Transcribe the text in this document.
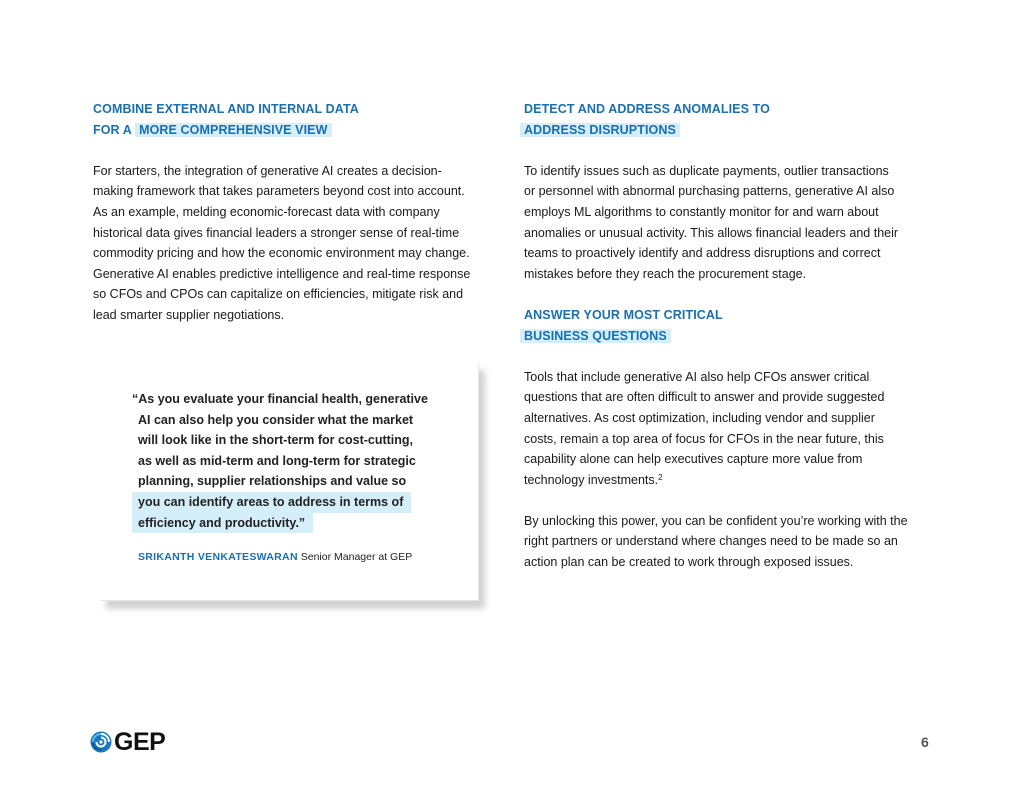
COMBINE EXTERNAL AND INTERNAL DATA
FOR A MORE COMPREHENSIVE VIEW
For starters, the integration of generative AI creates a decision-
making framework that takes parameters beyond cost into account.
As an example, melding economic-forecast data with company
historical data gives financial leaders a stronger sense of real-time
commodity pricing and how the economic environment may change.
Generative AI enables predictive intelligence and real-time response
so CFOs and CPOs can capitalize on efficiencies, mitigate risk and
lead smarter supplier negotiations.
“As you evaluate your financial health, generative
AI can also help you consider what the market
will look like in the short-term for cost-cutting,
as well as mid-term and long-term for strategic
planning, supplier relationships and value so
you can identify areas to address in terms of
efficiency and productivity.”
SRIKANTH VENKATESWARAN Senior Manager at GEP
DETECT AND ADDRESS ANOMALIES TO
ADDRESS DISRUPTIONS
To identify issues such as duplicate payments, outlier transactions
or personnel with abnormal purchasing patterns, generative AI also
employs ML algorithms to constantly monitor for and warn about
anomalies or unusual activity. This allows financial leaders and their
teams to proactively identify and address disruptions and correct
mistakes before they reach the procurement stage.
ANSWER YOUR MOST CRITICAL
BUSINESS QUESTIONS
Tools that include generative AI also help CFOs answer critical
questions that are often difficult to answer and provide suggested
alternatives. As cost optimization, including vendor and supplier
costs, remain a top area of focus for CFOs in the near future, this
capability alone can help executives capture more value from
technology investments.$^2$
By unlocking this power, you can be confident you’re working with the
right partners or understand where changes need to be made so an
action plan can be created to work through exposed issues.
GEP	6
